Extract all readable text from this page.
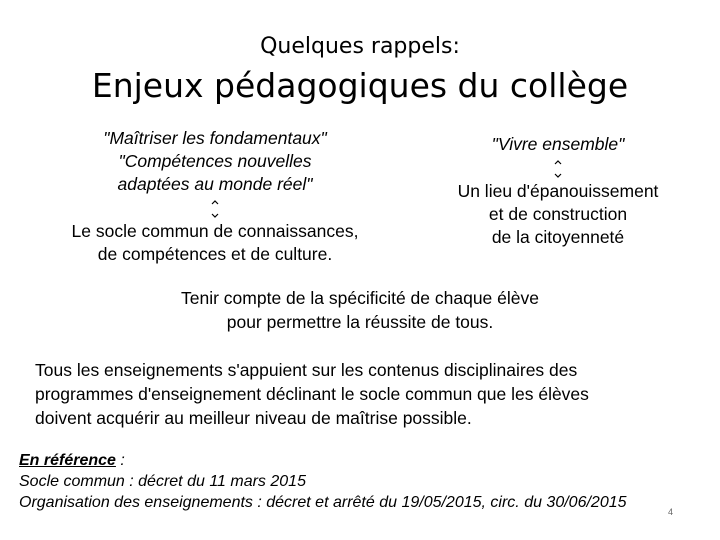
Quelques rappels:
Enjeux pédagogiques du collège
"Maîtriser les fondamentaux"
"Compétences nouvelles
adaptées au monde réel"
Le socle commun de connaissances,
de compétences et de culture.
"Vivre ensemble"
Un lieu d'épanouissement
et de construction
de la citoyenneté
Tenir compte de la spécificité de chaque élève
pour permettre la réussite de tous.
Tous les enseignements s'appuient sur les contenus disciplinaires des
programmes d'enseignement déclinant le socle commun que les élèves
doivent acquérir au meilleur niveau de maîtrise possible.
En référence :
Socle commun : décret du 11 mars 2015
Organisation des enseignements : décret et arrêté du 19/05/2015, circ. du 30/06/2015
4
